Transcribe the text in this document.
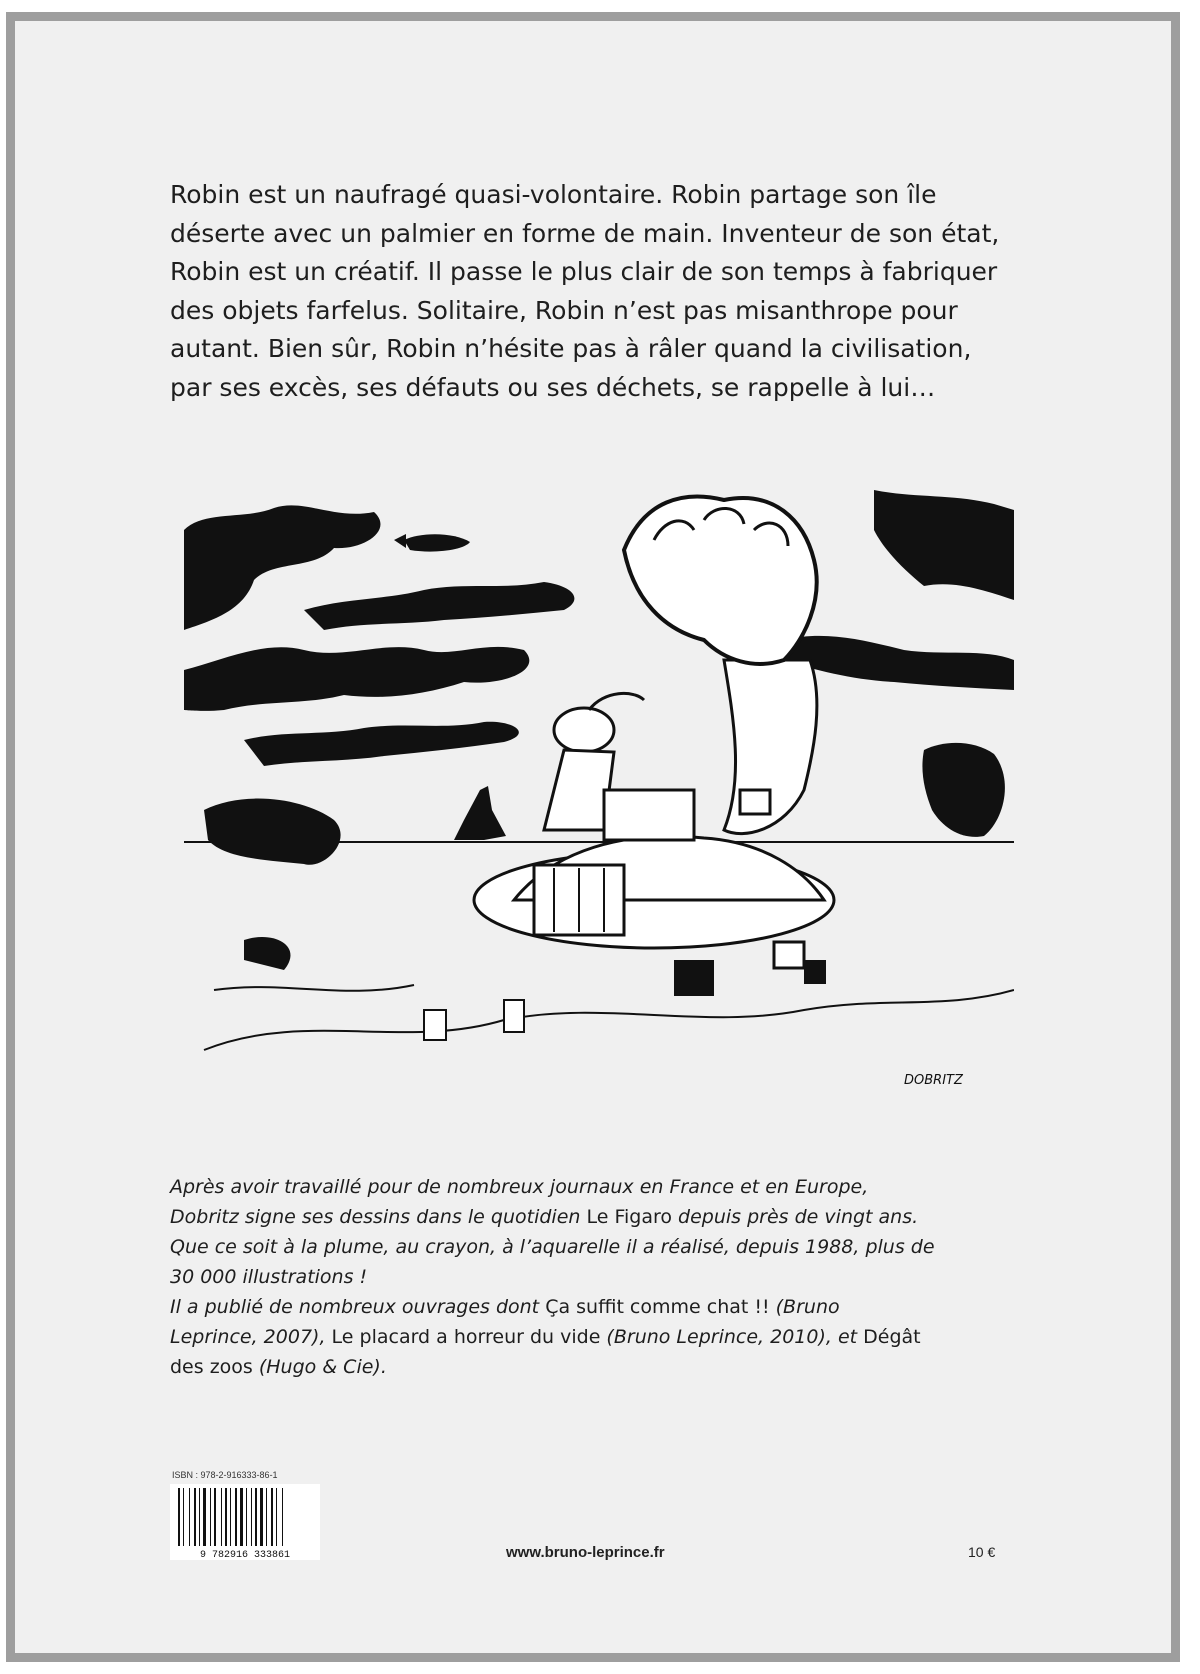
Robin est un naufragé quasi-volontaire. Robin partage son île
déserte avec un palmier en forme de main. Inventeur de son état,
Robin est un créatif. Il passe le plus clair de son temps à fabriquer
des objets farfelus. Solitaire, Robin n’est pas misanthrope pour
autant. Bien sûr, Robin n’hésite pas à râler quand la civilisation,
par ses excès, ses défauts ou ses déchets, se rappelle à lui…

DOBRITZ

Après avoir travaillé pour de nombreux journaux en France et en Europe,
Dobritz signe ses dessins dans le quotidien Le Figaro depuis près de vingt ans.
Que ce soit à la plume, au crayon, à l’aquarelle il a réalisé, depuis 1988, plus de
30 000 illustrations !
Il a publié de nombreux ouvrages dont Ça suffit comme chat !! (Bruno
Leprince, 2007), Le placard a horreur du vide (Bruno Leprince, 2010), et Dégât
des zoos (Hugo & Cie).

ISBN : 978-2-916333-86-1
9 782916 333861	www.bruno-leprince.fr	10 €
